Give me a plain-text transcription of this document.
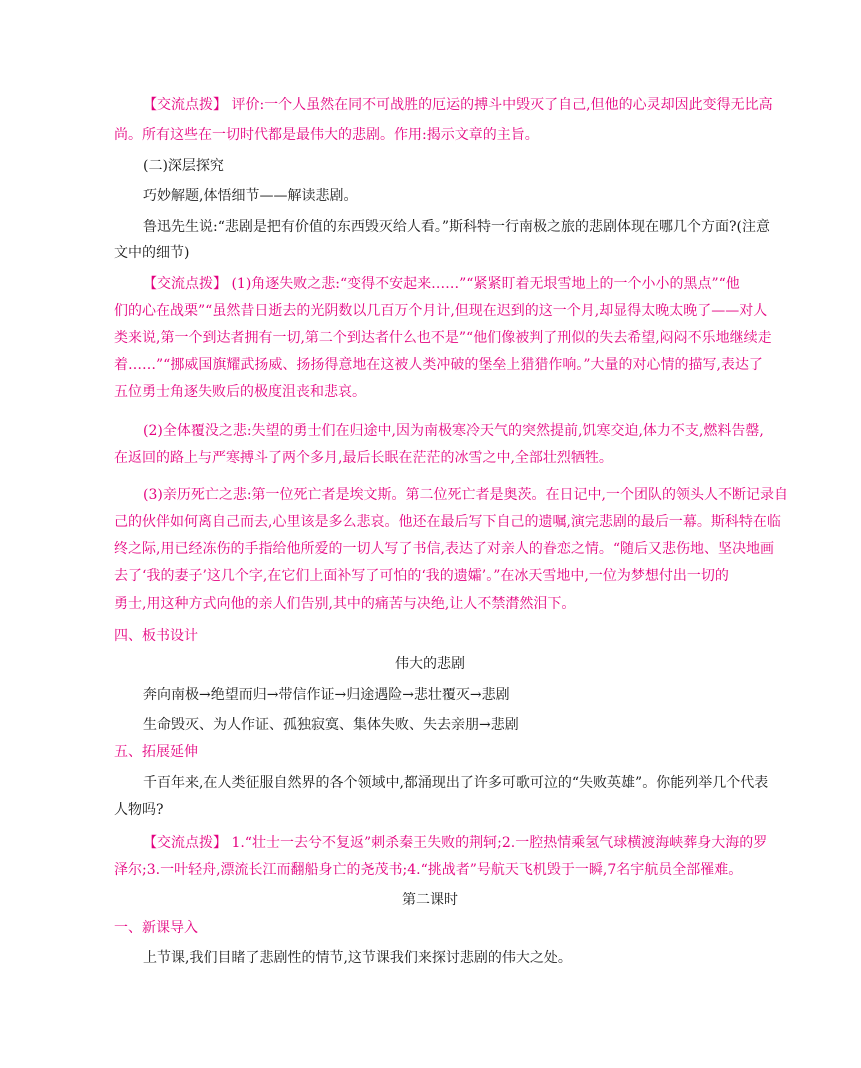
【交流点拨】 评价:一个人虽然在同不可战胜的厄运的搏斗中毁灭了自己,但他的心灵却因此变得无比高
尚。所有这些在一切时代都是最伟大的悲剧。作用:揭示文章的主旨。
(二)深层探究
巧妙解题,体悟细节——解读悲剧。
鲁迅先生说:“悲剧是把有价值的东西毁灭给人看。”斯科特一行南极之旅的悲剧体现在哪几个方面?(注意
文中的细节)
【交流点拨】 (1)角逐失败之悲:“变得不安起来……”“紧紧盯着无垠雪地上的一个小小的黑点”“他
们的心在战栗”“虽然昔日逝去的光阴数以几百万个月计,但现在迟到的这一个月,却显得太晚太晚了——对人
类来说,第一个到达者拥有一切,第二个到达者什么也不是”“他们像被判了刑似的失去希望,闷闷不乐地继续走
着……”“挪威国旗耀武扬威、扬扬得意地在这被人类冲破的堡垒上猎猎作响。”大量的对心情的描写,表达了
五位勇士角逐失败后的极度沮丧和悲哀。
(2)全体覆没之悲:失望的勇士们在归途中,因为南极寒冷天气的突然提前,饥寒交迫,体力不支,燃料告罄,
在返回的路上与严寒搏斗了两个多月,最后长眠在茫茫的冰雪之中,全部壮烈牺牲。
(3)亲历死亡之悲:第一位死亡者是埃文斯。第二位死亡者是奥茨。在日记中,一个团队的领头人不断记录自
己的伙伴如何离自己而去,心里该是多么悲哀。他还在最后写下自己的遗嘱,演完悲剧的最后一幕。斯科特在临
终之际,用已经冻伤的手指给他所爱的一切人写了书信,表达了对亲人的眷恋之情。“随后又悲伤地、坚决地画
去了‘我的妻子’这几个字,在它们上面补写了可怕的‘我的遗孀’。”在冰天雪地中,一位为梦想付出一切的
勇士,用这种方式向他的亲人们告别,其中的痛苦与决绝,让人不禁潸然泪下。
四、板书设计
伟大的悲剧
奔向南极→绝望而归→带信作证→归途遇险→悲壮覆灭→悲剧
生命毁灭、为人作证、孤独寂寞、集体失败、失去亲朋→悲剧
五、拓展延伸
千百年来,在人类征服自然界的各个领域中,都涌现出了许多可歌可泣的“失败英雄”。你能列举几个代表
人物吗?
【交流点拨】 1.“壮士一去兮不复返”刺杀秦王失败的荆轲;2.一腔热情乘氢气球横渡海峡葬身大海的罗
泽尔;3.一叶轻舟,漂流长江而翻船身亡的尧茂书;4.“挑战者”号航天飞机毁于一瞬,7名宇航员全部罹难。
第二课时
一、新课导入
上节课,我们目睹了悲剧性的情节,这节课我们来探讨悲剧的伟大之处。
